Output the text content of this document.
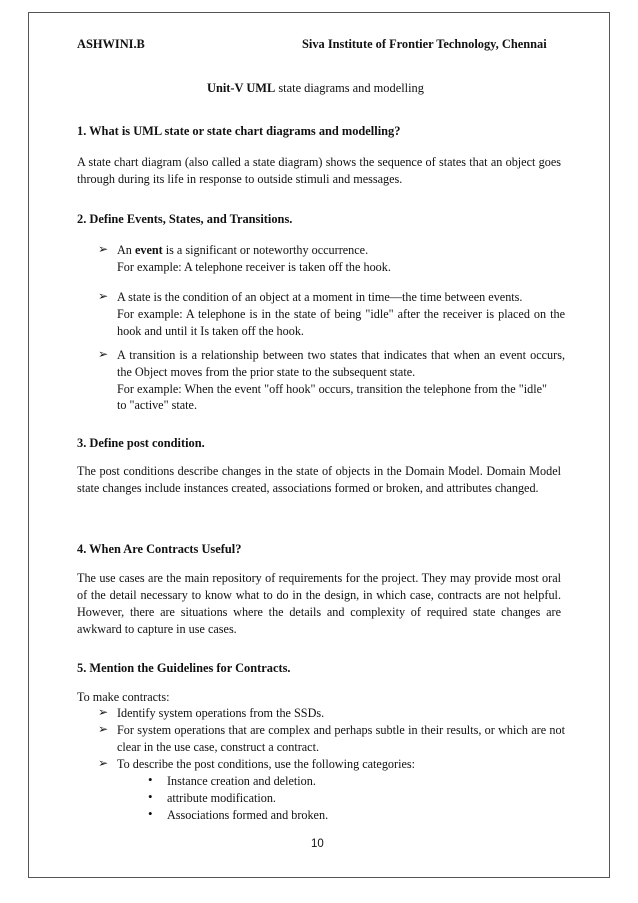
ASHWINI.B	Siva Institute of Frontier Technology, Chennai
Unit-V UML state diagrams and modelling
1. What is UML state or state chart diagrams and modelling?
A state chart diagram (also called a state diagram) shows the sequence of states that an object goes through during its life in response to outside stimuli and messages.
2. Define Events, States, and Transitions.
➢ An event is a significant or noteworthy occurrence.
For example: A telephone receiver is taken off the hook.
➢ A state is the condition of an object at a moment in time—the time between events.
For example: A telephone is in the state of being "idle" after the receiver is placed on the hook and until it Is taken off the hook.
➢ A transition is a relationship between two states that indicates that when an event occurs, the Object moves from the prior state to the subsequent state.
For example: When the event "off hook" occurs, transition the telephone from the "idle" to "active" state.
3. Define post condition.
The post conditions describe changes in the state of objects in the Domain Model. Domain Model state changes include instances created, associations formed or broken, and attributes changed.
4. When Are Contracts Useful?
The use cases are the main repository of requirements for the project. They may provide most oral of the detail necessary to know what to do in the design, in which case, contracts are not helpful. However, there are situations where the details and complexity of required state changes are awkward to capture in use cases.
5. Mention the Guidelines for Contracts.
To make contracts:
➢ Identify system operations from the SSDs.
➢ For system operations that are complex and perhaps subtle in their results, or which are not clear in the use case, construct a contract.
➢ To describe the post conditions, use the following categories:
• Instance creation and deletion.
• attribute modification.
• Associations formed and broken.
10
